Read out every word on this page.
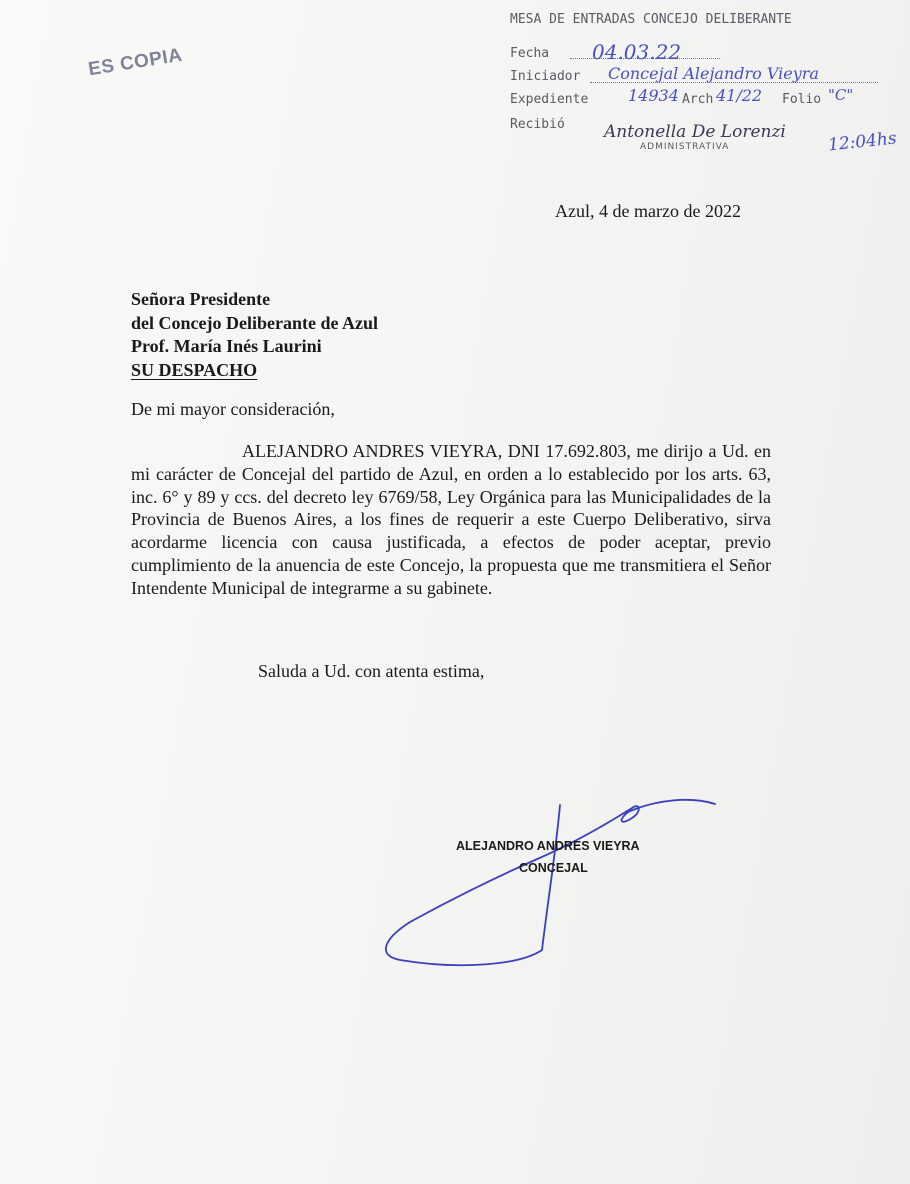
ES COPIA
MESA DE ENTRADAS CONCEJO DELIBERANTE
Fecha 04.03.22
Iniciador Concejal Alejandro Vieyra
Expediente 14934 Arch 41/22 Folio "C"
Recibió Antonella De Lorenzi
ADMINISTRATIVA	12:04hs
Azul, 4 de marzo de 2022
Señora Presidente
del Concejo Deliberante de Azul
Prof. María Inés Laurini
SU DESPACHO
De mi mayor consideración,

ALEJANDRO ANDRES VIEYRA, DNI 17.692.803, me dirijo a Ud. en mi carácter de Concejal del partido de Azul, en orden a lo establecido por los arts. 63, inc. 6° y 89 y ccs. del decreto ley 6769/58, Ley Orgánica para las Municipalidades de la Provincia de Buenos Aires, a los fines de requerir a este Cuerpo Deliberativo, sirva acordarme licencia con causa justificada, a efectos de poder aceptar, previo cumplimiento de la anuencia de este Concejo, la propuesta que me transmitiera el Señor Intendente Municipal de integrarme a su gabinete.

Saluda a Ud. con atenta estima,
ALEJANDRO ANDRES VIEYRA
CONCEJAL
